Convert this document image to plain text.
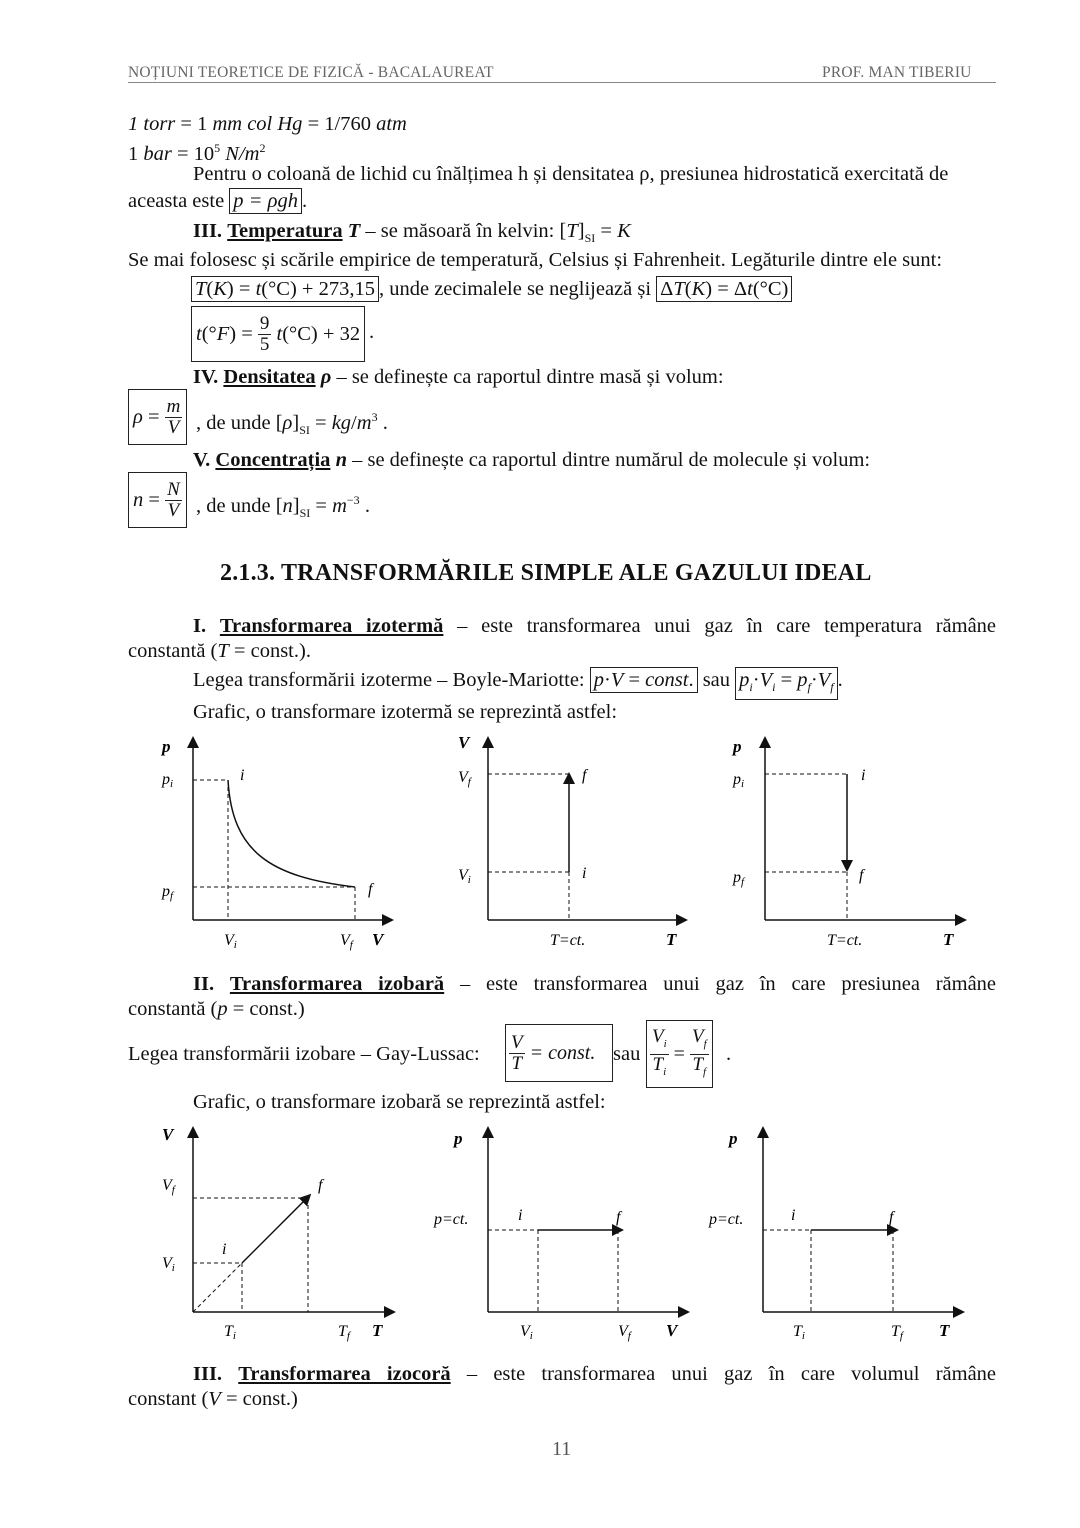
NOȚIUNI TEORETICE DE FIZICĂ - BACALAUREAT	PROF. MAN TIBERIU
1 torr = 1 mm col Hg = 1/760 atm
1 bar = $10^5$ $N/m^2$
Pentru o coloană de lichid cu înălțimea h și densitatea ρ, presiunea hidrostatică exercitată de
aceasta este p = ρgh .
III. Temperatura T – se măsoară în kelvin: $[T]_{SI} = K$
Se mai folosesc și scările empirice de temperatură, Celsius și Fahrenheit. Legăturile dintre ele sunt:
T(K) = t(°C) + 273,15 , unde zecimalele se neglijează și ΔT(K) = Δt(°C)
t (° F ) = $\frac{9}{5}$
t (°C) + 32 .
IV. Densitatea ρ – se definește ca raportul dintre masă și volum:
$\rho = \frac{m}{V}$ , de unde $[\rho]_{SI} = kg/m^3$ .
V. Concentrația n – se definește ca raportul dintre numărul de molecule și volum:
$n = \frac{N}{V}$ , de unde $[n]_{SI} = m^{-3}$ .
2.1.3. TRANSFORMĂRILE SIMPLE ALE GAZULUI IDEAL
I. Transformarea izotermă – este transformarea unui gaz în care temperatura rămâne
constantă (T = const.).
Legea transformării izoterme – Boyle-Mariotte: p·V = const. sau $p_i\cdot V_i = p_f\cdot V_f$ .
Grafic, o transformare izotermă se reprezintă astfel:
p
pi
pf
i
f
Vi	Vf V
V
Vf
Vi
f
i
T=ct.	T
p
pi
pf
i
f
T=ct.	T
II. Transformarea izobară – este transformarea unui gaz în care presiunea rămâne
constantă (p = const.)
Legea transformării izobare – Gay-Lussac: $\frac{V}{T}$
= const. sau $\frac{V_i}{T_i} = \frac{V_f}{T_f}$ .
Grafic, o transformare izobară se reprezintă astfel:
V
Vf
Vi
i
f
Ti	Tf T
p
p=ct.	i	f
Vi	Vf V
p
p=ct.	i	f
Ti	Tf T
III. Transformarea izocoră – este transformarea unui gaz în care volumul rămâne
constant (V = const.)
11
